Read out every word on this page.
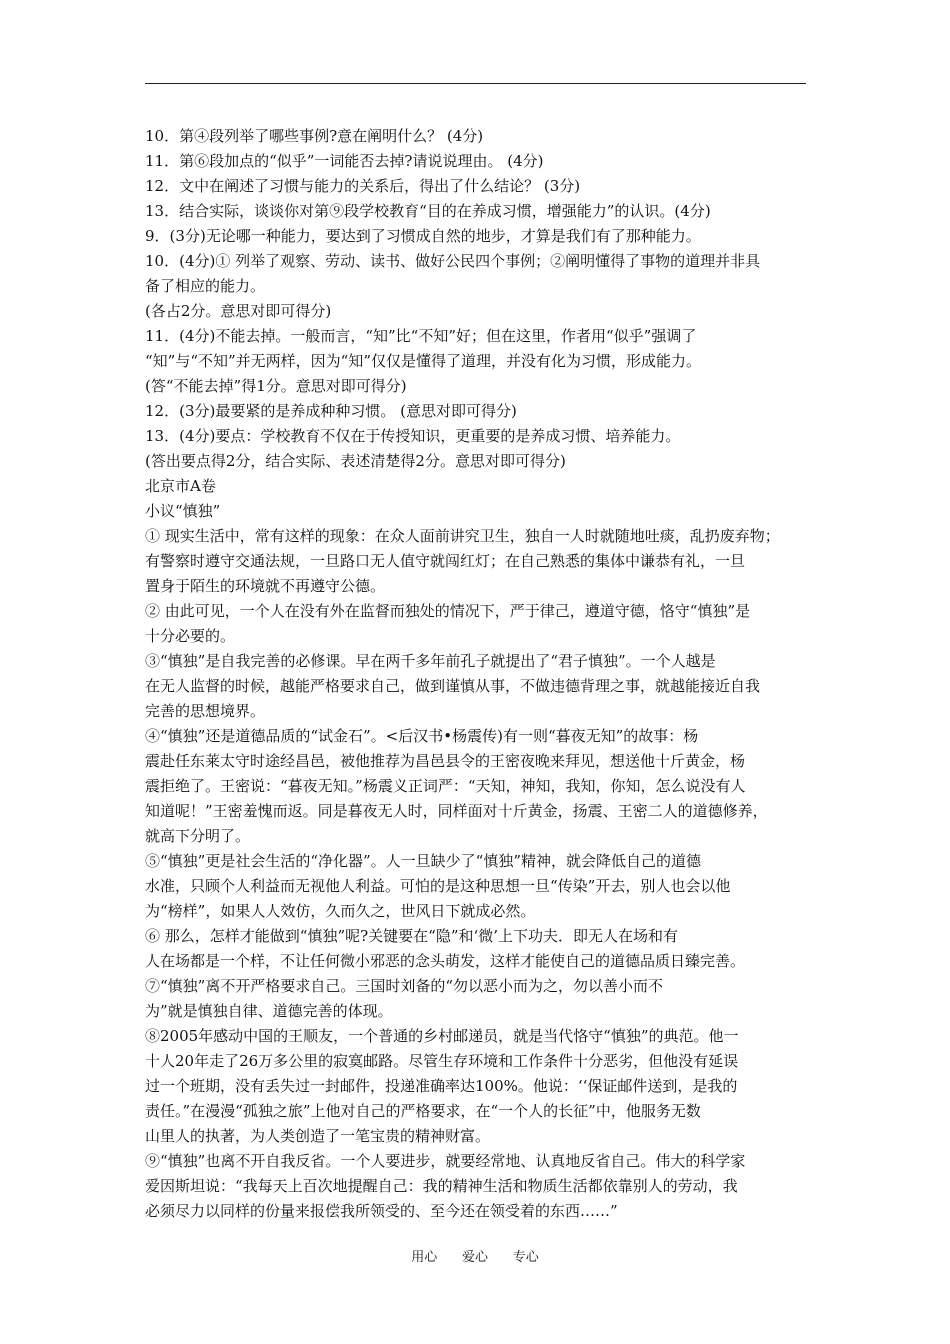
10．第④段列举了哪些事例?意在阐明什么？ (4分)
11．第⑥段加点的“似乎”一词能否去掉?请说说理由。 (4分)
12．文中在阐述了习惯与能力的关系后，得出了什么结论？ (3分)
13．结合实际，谈谈你对第⑨段学校教育“目的在养成习惯，增强能力”的认识。(4分)
9．(3分)无论哪一种能力，要达到了习惯成自然的地步，才算是我们有了那种能力。
10．(4分)① 列举了观察、劳动、读书、做好公民四个事例；②阐明懂得了事物的道理并非具
备了相应的能力。
(各占2分。意思对即可得分)
11．(4分)不能去掉。一般而言，“知”比“不知”好；但在这里，作者用“似乎”强调了
“知”与“不知”并无两样，因为“知”仅仅是懂得了道理，并没有化为习惯，形成能力。
(答“不能去掉”得1分。意思对即可得分)
12．(3分)最要紧的是养成种种习惯。 (意思对即可得分)
13．(4分)要点：学校教育不仅在于传授知识，更重要的是养成习惯、培养能力。
(答出要点得2分，结合实际、表述清楚得2分。意思对即可得分)
北京市A卷
小议“慎独”
① 现实生活中，常有这样的现象：在众人面前讲究卫生，独自一人时就随地吐痰，乱扔废弃物；
有警察时遵守交通法规，一旦路口无人值守就闯红灯；在自己熟悉的集体中谦恭有礼，一旦
置身于陌生的环境就不再遵守公德。
② 由此可见，一个人在没有外在监督而独处的情况下，严于律己，遵道守德，恪守“慎独”是
十分必要的。
③“慎独”是自我完善的必修课。早在两千多年前孔子就提出了“君子慎独”。一个人越是
在无人监督的时候，越能严格要求自己，做到谨慎从事，不做违德背理之事，就越能接近自我
完善的思想境界。
④“慎独”还是道德品质的“试金石”。<后汉书•杨震传)有一则“暮夜无知”的故事：杨
震赴任东莱太守时途经昌邑，被他推荐为昌邑县令的王密夜晚来拜见，想送他十斤黄金，杨
震拒绝了。王密说：“暮夜无知。”杨震义正词严：“天知，神知，我知，你知，怎么说没有人
知道呢！”王密羞愧而返。同是暮夜无人时，同样面对十斤黄金，扬震、王密二人的道德修养，
就高下分明了。
⑤“慎独”更是社会生活的“净化器”。人一旦缺少了“慎独”精神，就会降低自己的道德
水准，只顾个人利益而无视他人利益。可怕的是这种思想一旦“传染”开去，别人也会以他
为“榜样”，如果人人效仿，久而久之，世风日下就成必然。
⑥ 那么，怎样才能做到“慎独”呢?关键要在“隐”和‘微’上下功夫．即无人在场和有
人在场都是一个样，不让任何微小邪恶的念头萌发，这样才能使自己的道德品质日臻完善。
⑦“慎独”离不开严格要求自己。三国时刘备的“勿以恶小而为之，勿以善小而不
为”就是慎独自律、道德完善的体现。
⑧2005年感动中国的王顺友，一个普通的乡村邮递员，就是当代恪守“慎独”的典范。他一
十人20年走了26万多公里的寂寞邮路。尽管生存环境和工作条件十分恶劣，但他没有延误
过一个班期，没有丢失过一封邮件，投递准确率达100%。他说：‘‘保证邮件送到，是我的
责任。”在漫漫“孤独之旅”上他对自己的严格要求，在“一个人的长征”中，他服务无数
山里人的执著，为人类创造了一笔宝贵的精神财富。
⑨“慎独”也离不开自我反省。一个人要进步，就要经常地、认真地反省自己。伟大的科学家
爱因斯坦说：“我每天上百次地提醒自己：我的精神生活和物质生活都依靠别人的劳动，我
必须尽力以同样的份量来报偿我所领受的、至今还在领受着的东西……”
用心      爱心      专心
